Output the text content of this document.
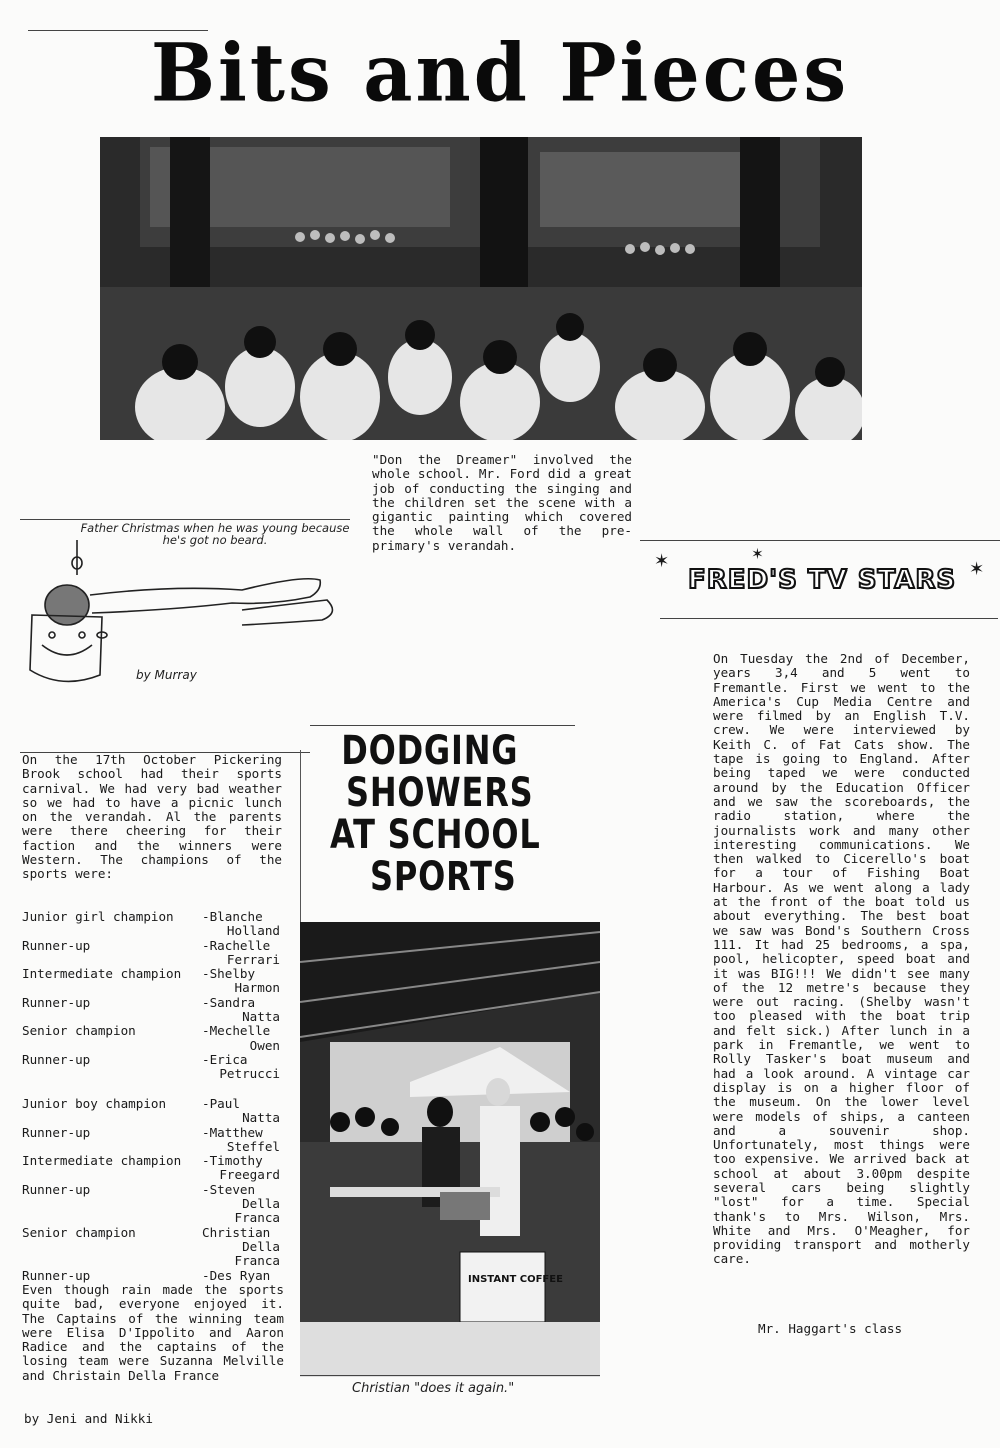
Bits and Pieces
"Don the Dreamer" involved the whole school. Mr. Ford did a great job of conducting the singing and the children set the scene with a gigantic painting which covered the whole wall of the pre-primary's verandah.
Father Christmas when he was young because he's got no beard.
by Murray
✶	✶
✶
FRED'S TV STARS
On Tuesday the 2nd of December, years 3,4 and 5 went to Fremantle. First we went to the America's Cup Media Centre and were filmed by an English T.V. crew. We were interviewed by Keith C. of Fat Cats show. The tape is going to England. After being taped we were conducted around by the Education Officer and we saw the scoreboards, the radio station, where the journalists work and many other interesting communications. We then walked to Cicerello's boat for a tour of Fishing Boat Harbour. As we went along a lady at the front of the boat told us about everything. The best boat we saw was Bond's Southern Cross 111. It had 25 bedrooms, a spa, pool, helicopter, speed boat and it was BIG!!! We didn't see many of the 12 metre's because they were out racing. (Shelby wasn't too pleased with the boat trip and felt sick.) After lunch in a park in Fremantle, we went to Rolly Tasker's boat museum and had a look around. A vintage car display is on a higher floor of the museum. On the lower level were models of ships, a canteen and a souvenir shop. Unfortunately, most things were too expensive. We arrived back at school at about 3.00pm despite several cars being slightly "lost" for a time. Special thank's to Mrs. Wilson, Mrs. White and Mrs. O'Meagher, for providing transport and motherly care.
Mr. Haggart's class
DODGING
SHOWERS
AT SCHOOL
SPORTS
On the 17th October Pickering Brook school had their sports carnival. We had very bad weather so we had to have a picnic lunch on the verandah. Al the parents were there cheering for their faction and the winners were Western. The champions of the sports were:
Junior girl champion	-Blanche
Holland
Runner-up	-Rachelle
Ferrari
Intermediate champion	-Shelby
Harmon
Runner-up	-Sandra
Natta
Senior champion	-Mechelle
Owen
Runner-up	-Erica
Petrucci
Junior boy champion	-Paul
Natta
Runner-up	-Matthew
Steffel
Intermediate champion	-Timothy
Freegard
Runner-up	-Steven
Della Franca
Senior champion	Christian
Della Franca
Runner-up	-Des Ryan
Even though rain made the sports quite bad, everyone enjoyed it. The Captains of the winning team were Elisa D'Ippolito and Aaron Radice and the captains of the losing team were Suzanna Melville and Christain Della France
by Jeni and Nikki
INSTANT COFFEE
Christian "does it again."
